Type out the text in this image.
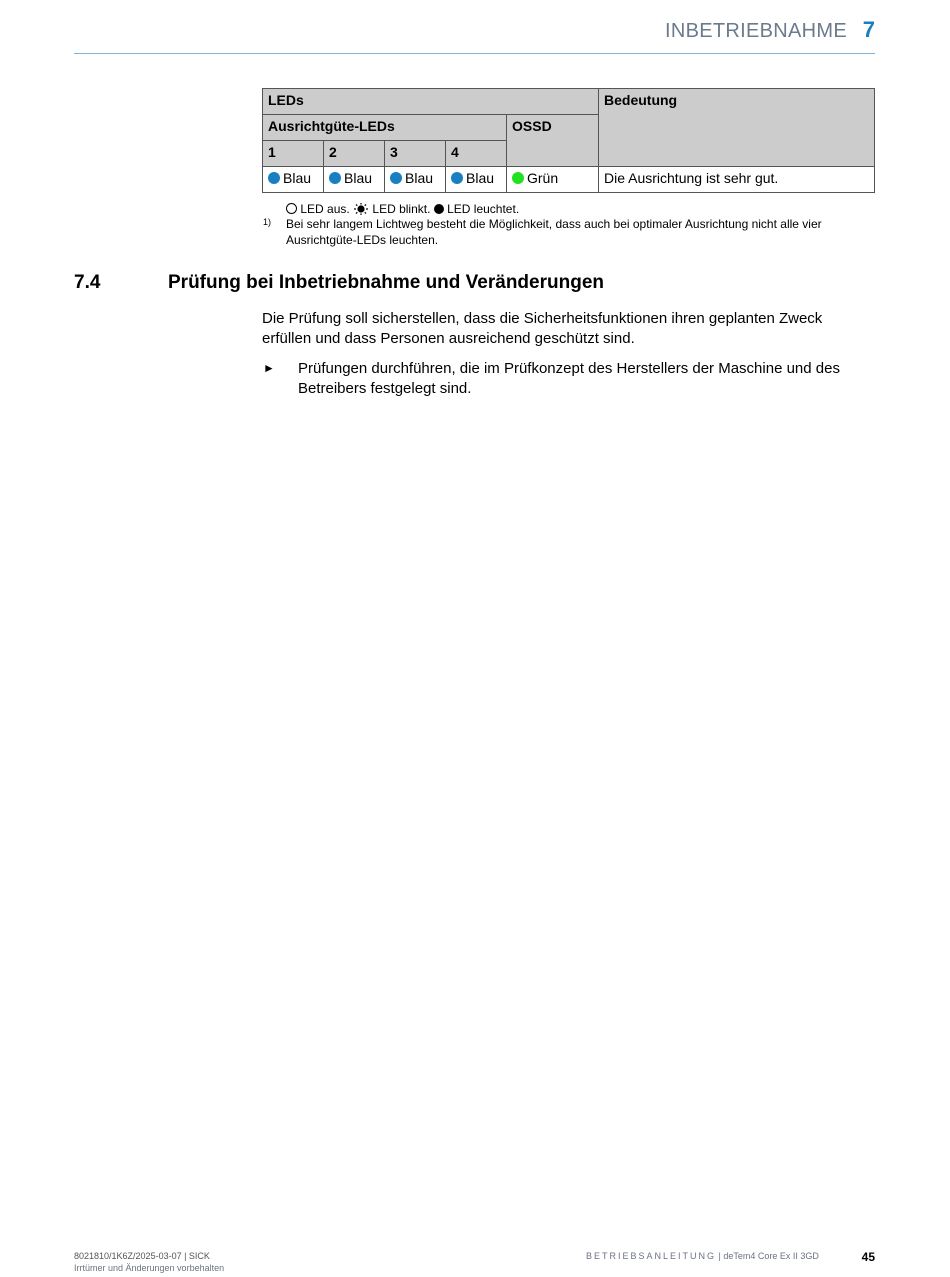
INBETRIEBNAHME 7
LEDs					Bedeutung
Ausrichtgüte-LEDs				OSSD	
1	2	3	4		
Blau	Blau	Blau	Blau	Grün	Die Ausrichtung ist sehr gut.
LED aus. LED blinkt. LED leuchtet.
1) Bei sehr langem Lichtweg besteht die Möglichkeit, dass auch bei optimaler Ausrichtung nicht alle vier Ausrichtgüte-LEDs leuchten.
7.4	Prüfung bei Inbetriebnahme und Veränderungen
Die Prüfung soll sicherstellen, dass die Sicherheitsfunktionen ihren geplanten Zweck erfüllen und dass Personen ausreichend geschützt sind.
► Prüfungen durchführen, die im Prüfkonzept des Herstellers der Maschine und des Betreibers festgelegt sind.
8021810/1K6Z/2025-03-07 | SICK
Irrtümer und Änderungen vorbehalten
BETRIEBSANLEITUNG | deTem4 Core Ex II 3GD	45
